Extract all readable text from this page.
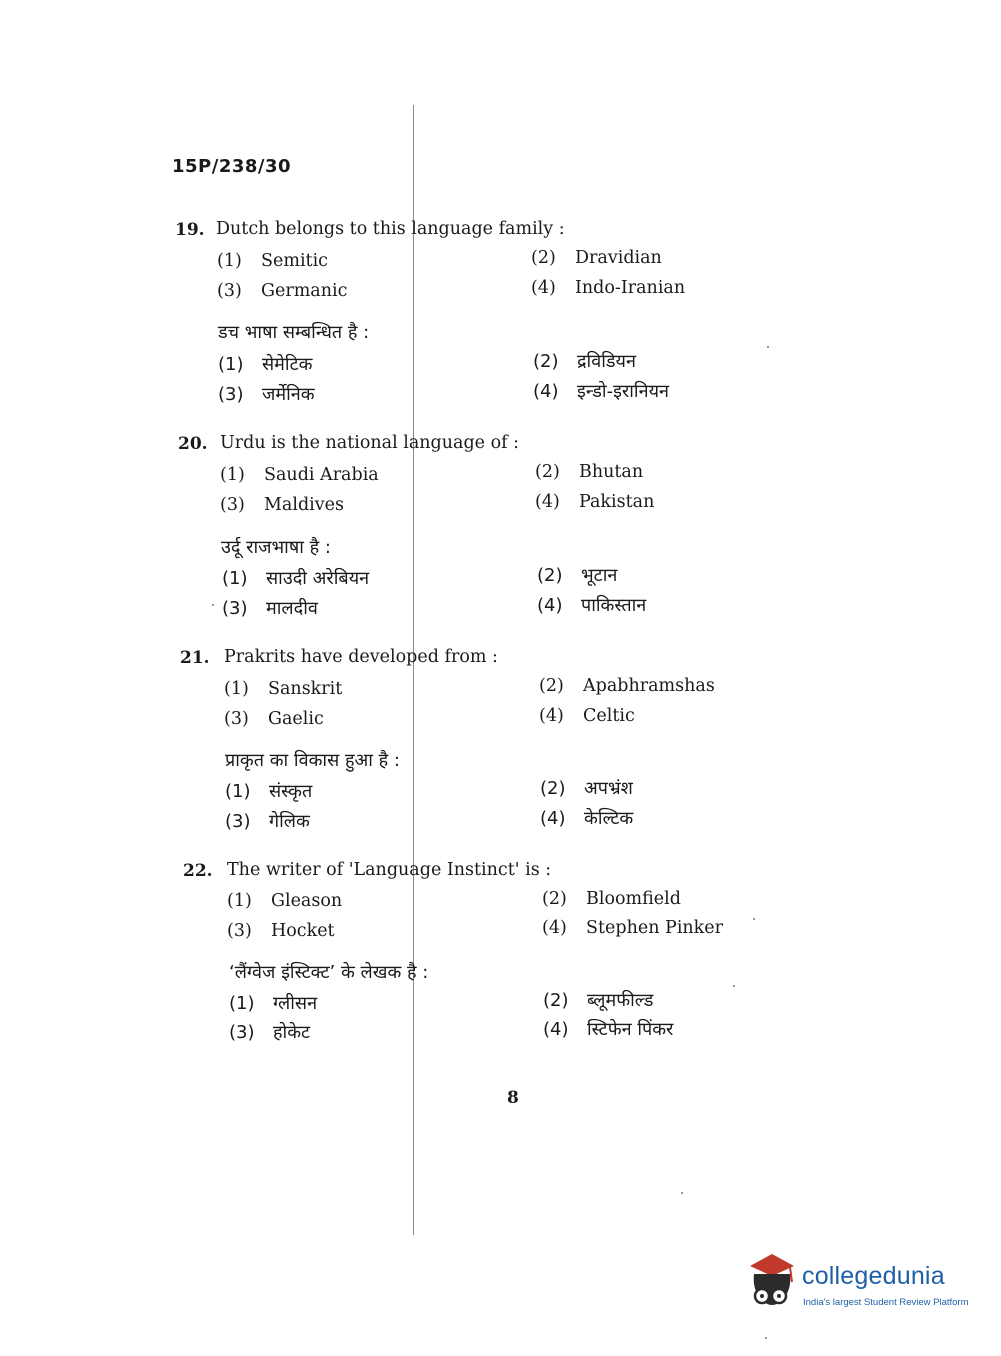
15P/238/30
19. Dutch belongs to this language family :
(1) Semitic	(2) Dravidian
(3) Germanic	(4) Indo-Iranian
डच भाषा सम्बन्धित है :
(1) सेमेटिक	(2) द्रविडियन
(3) जर्मेनिक	(4) इन्डो-इरानियन
20. Urdu is the national language of :
(1) Saudi Arabia	(2) Bhutan
(3) Maldives	(4) Pakistan
उर्दू राजभाषा है :
(1) साउदी अरेबियन	(2) भूटान
(3) मालदीव	(4) पाकिस्तान
21. Prakrits have developed from :
(1) Sanskrit	(2) Apabhramshas
(3) Gaelic	(4) Celtic
प्राकृत का विकास हुआ है :
(1) संस्कृत	(2) अपभ्रंश
(3) गेलिक	(4) केल्टिक
22. The writer of 'Language Instinct' is :
(1) Gleason	(2) Bloomfield
(3) Hocket	(4) Stephen Pinker
‘लैंग्वेज इंस्टिक्ट’ के लेखक है :
(1) ग्लीसन	(2) ब्लूमफील्ड
(3) होकेट	(4) स्टिफेन पिंकर
8
collegedunia
India's largest Student Review Platform
